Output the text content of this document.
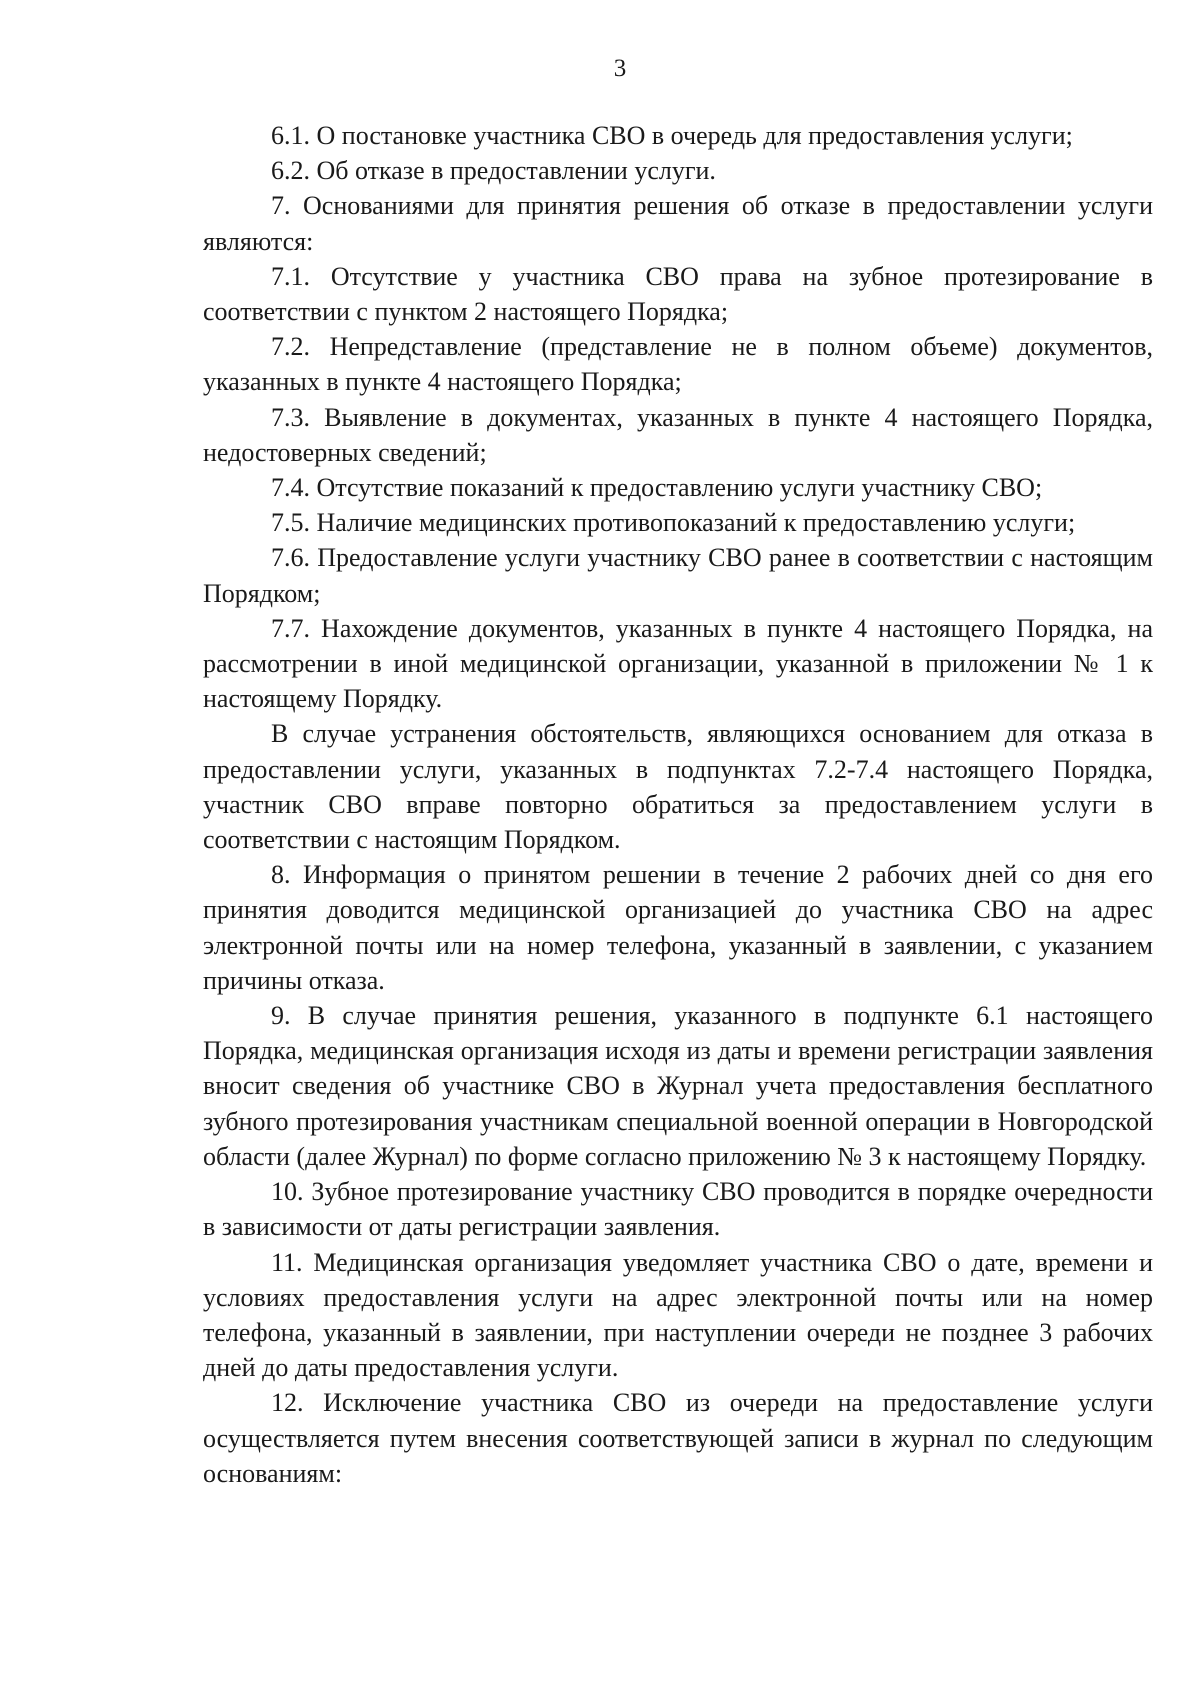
3

6.1. О постановке участника СВО в очередь для предоставления услуги;

6.2. Об отказе в предоставлении услуги.

7. Основаниями для принятия решения об отказе в предоставлении услуги являются:

7.1. Отсутствие у участника СВО права на зубное протезирование в соответствии с пунктом 2 настоящего Порядка;

7.2. Непредставление (представление не в полном объеме) документов, указанных в пункте 4 настоящего Порядка;

7.3. Выявление в документах, указанных в пункте 4 настоящего Порядка, недостоверных сведений;

7.4. Отсутствие показаний к предоставлению услуги участнику СВО;

7.5. Наличие медицинских противопоказаний к предоставлению услуги;

7.6. Предоставление услуги участнику СВО ранее в соответствии с настоящим Порядком;

7.7. Нахождение документов, указанных в пункте 4 настоящего Порядка, на рассмотрении в иной медицинской организации, указанной в приложении № 1 к настоящему Порядку.

В случае устранения обстоятельств, являющихся основанием для отказа в предоставлении услуги, указанных в подпунктах 7.2-7.4 настоящего Порядка, участник СВО вправе повторно обратиться за предоставлением услуги в соответствии с настоящим Порядком.

8. Информация о принятом решении в течение 2 рабочих дней со дня его принятия доводится медицинской организацией до участника СВО на адрес электронной почты или на номер телефона, указанный в заявлении, с указанием причины отказа.

9. В случае принятия решения, указанного в подпункте 6.1 настоящего Порядка, медицинская организация исходя из даты и времени регистрации заявления вносит сведения об участнике СВО в Журнал учета предоставления бесплатного зубного протезирования участникам специальной военной операции в Новгородской области (далее Журнал) по форме согласно приложению № 3 к настоящему Порядку.

10. Зубное протезирование участнику СВО проводится в порядке очередности в зависимости от даты регистрации заявления.

11. Медицинская организация уведомляет участника СВО о дате, времени и условиях предоставления услуги на адрес электронной почты или на номер телефона, указанный в заявлении, при наступлении очереди не позднее 3 рабочих дней до даты предоставления услуги.

12. Исключение участника СВО из очереди на предоставление услуги осуществляется путем внесения соответствующей записи в журнал по следующим основаниям:
